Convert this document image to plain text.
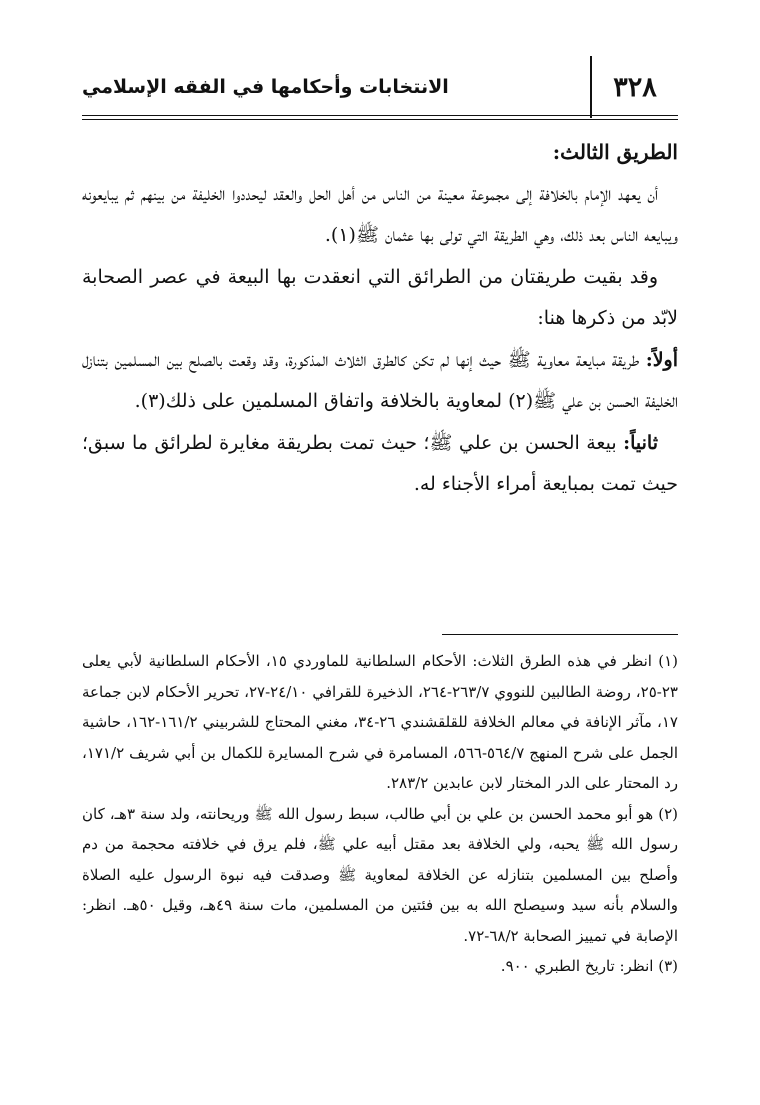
٣٢٨
الانتخابات وأحكامها في الفقه الإسلامي

الطريق الثالث:

أن يعهد الإمام بالخلافة إلى مجموعة معينة من الناس من أهل الحل والعقد ليحددوا الخليفة من بينهم ثم يبايعونه ويبايعه الناس بعد ذلك، وهي الطريقة التي تولى بها عثمان ﷺ(١).

وقد بقيت طريقتان من الطرائق التي انعقدت بها البيعة في عصر الصحابة لابّد من ذكرها هنا:

أولاً: طريقة مبايعة معاوية ﷺ حيث إنها لم تكن كالطرق الثلاث المذكورة، وقد وقعت بالصلح بين المسلمين بتنازل الخليفة الحسن بن علي ﷺ(٢) لمعاوية بالخلافة واتفاق المسلمين على ذلك(٣).

ثانياً: بيعة الحسن بن علي ﷺ؛ حيث تمت بطريقة مغايرة لطرائق ما سبق؛ حيث تمت بمبايعة أمراء الأجناء له.

(١) انظر في هذه الطرق الثلاث: الأحكام السلطانية للماوردي ١٥، الأحكام السلطانية لأبي يعلى ٢٣-٢٥، روضة الطالبين للنووي ٢٦٣/٧-٢٦٤، الذخيرة للقرافي ٢٤/١٠-٢٧، تحرير الأحكام لابن جماعة ١٧، مآثر الإنافة في معالم الخلافة للقلقشندي ٢٦-٣٤، مغني المحتاج للشربيني ١٦١/٢-١٦٢، حاشية الجمل على شرح المنهج ٥٦٤/٧-٥٦٦، المسامرة في شرح المسايرة للكمال بن أبي شريف ١٧١/٢، رد المحتار على الدر المختار لابن عابدين ٢٨٣/٢.

(٢) هو أبو محمد الحسن بن علي بن أبي طالب، سبط رسول الله ﷺ وريحانته، ولد سنة ٣هـ، كان رسول الله ﷺ يحبه، ولي الخلافة بعد مقتل أبيه علي ﷺ، فلم يرق في خلافته محجمة من دم وأصلح بين المسلمين بتنازله عن الخلافة لمعاوية ﷺ وصدقت فيه نبوة الرسول عليه الصلاة والسلام بأنه سيد وسيصلح الله به بين فئتين من المسلمين، مات سنة ٤٩هـ، وقيل ٥٠هـ. انظر: الإصابة في تمييز الصحابة ٦٨/٢-٧٢.

(٣) انظر: تاريخ الطبري ٩٠٠.
